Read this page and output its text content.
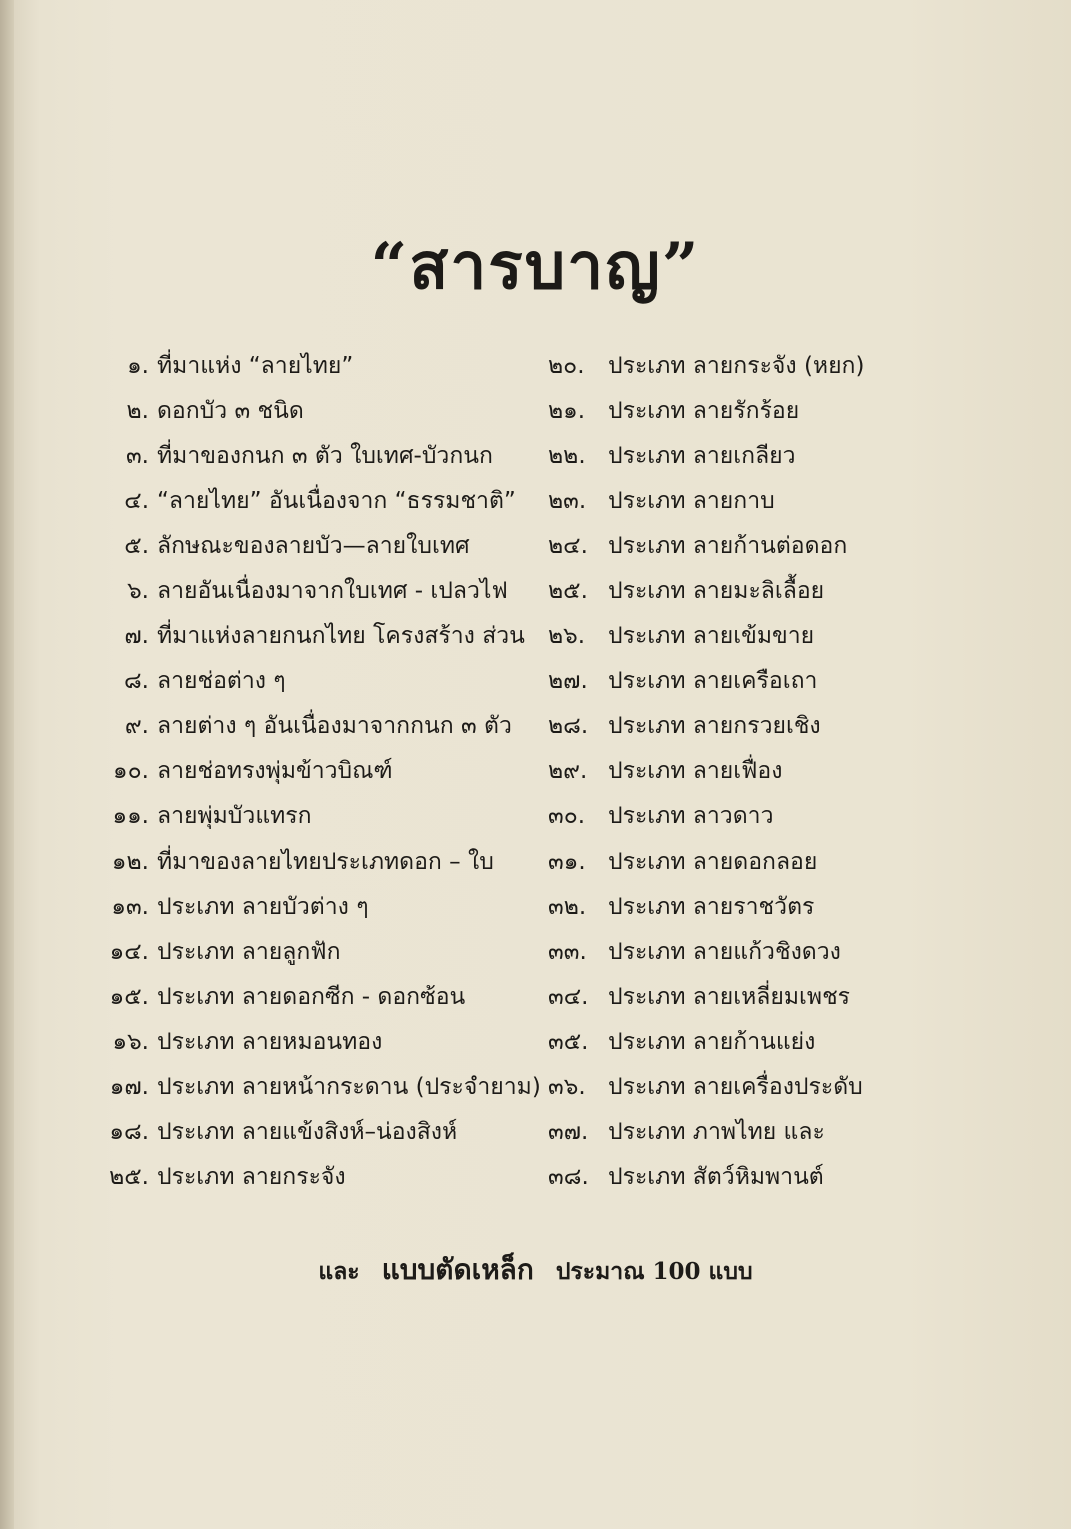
“สารบาญ”
๑. ที่มาแห่ง “ลายไทย”
๒. ดอกบัว ๓ ชนิด
๓. ที่มาของกนก ๓ ตัว ใบเทศ-บัวกนก
๔. “ลายไทย” อันเนื่องจาก “ธรรมชาติ”
๕. ลักษณะของลายบัว—ลายใบเทศ
๖. ลายอันเนื่องมาจากใบเทศ - เปลวไฟ
๗. ที่มาแห่งลายกนกไทย โครงสร้าง ส่วน
๘. ลายช่อต่าง ๆ
๙. ลายต่าง ๆ อันเนื่องมาจากกนก ๓ ตัว
๑๐. ลายช่อทรงพุ่มข้าวบิณฑ์
๑๑. ลายพุ่มบัวแทรก
๑๒. ที่มาของลายไทยประเภทดอก – ใบ
๑๓. ประเภท ลายบัวต่าง ๆ
๑๔. ประเภท ลายลูกฟัก
๑๕. ประเภท ลายดอกซีก - ดอกซ้อน
๑๖. ประเภท ลายหมอนทอง
๑๗. ประเภท ลายหน้ากระดาน (ประจำยาม)
๑๘. ประเภท ลายแข้งสิงห์–น่องสิงห์
๒๕. ประเภท ลายกระจัง
๒๐.	ประเภท ลายกระจัง (หยก)
๒๑. ประเภท ลายรักร้อย
๒๒. ประเภท ลายเกลียว
๒๓. ประเภท ลายกาบ
๒๔. ประเภท ลายก้านต่อดอก
๒๕. ประเภท ลายมะลิเลื้อย
๒๖. ประเภท ลายเข้มขาย
๒๗. ประเภท ลายเครือเถา
๒๘. ประเภท ลายกรวยเชิง
๒๙. ประเภท ลายเฟื่อง
๓๐. ประเภท ลาวดาว
๓๑. ประเภท ลายดอกลอย
๓๒. ประเภท ลายราชวัตร
๓๓. ประเภท ลายแก้วชิงดวง
๓๔. ประเภท ลายเหลี่ยมเพชร
๓๕. ประเภท ลายก้านแย่ง
๓๖. ประเภท ลายเครื่องประดับ
๓๗. ประเภท ภาพไทย และ
๓๘. ประเภท สัตว์หิมพานต์
และ แบบตัดเหล็ก ประมาณ 100 แบบ
